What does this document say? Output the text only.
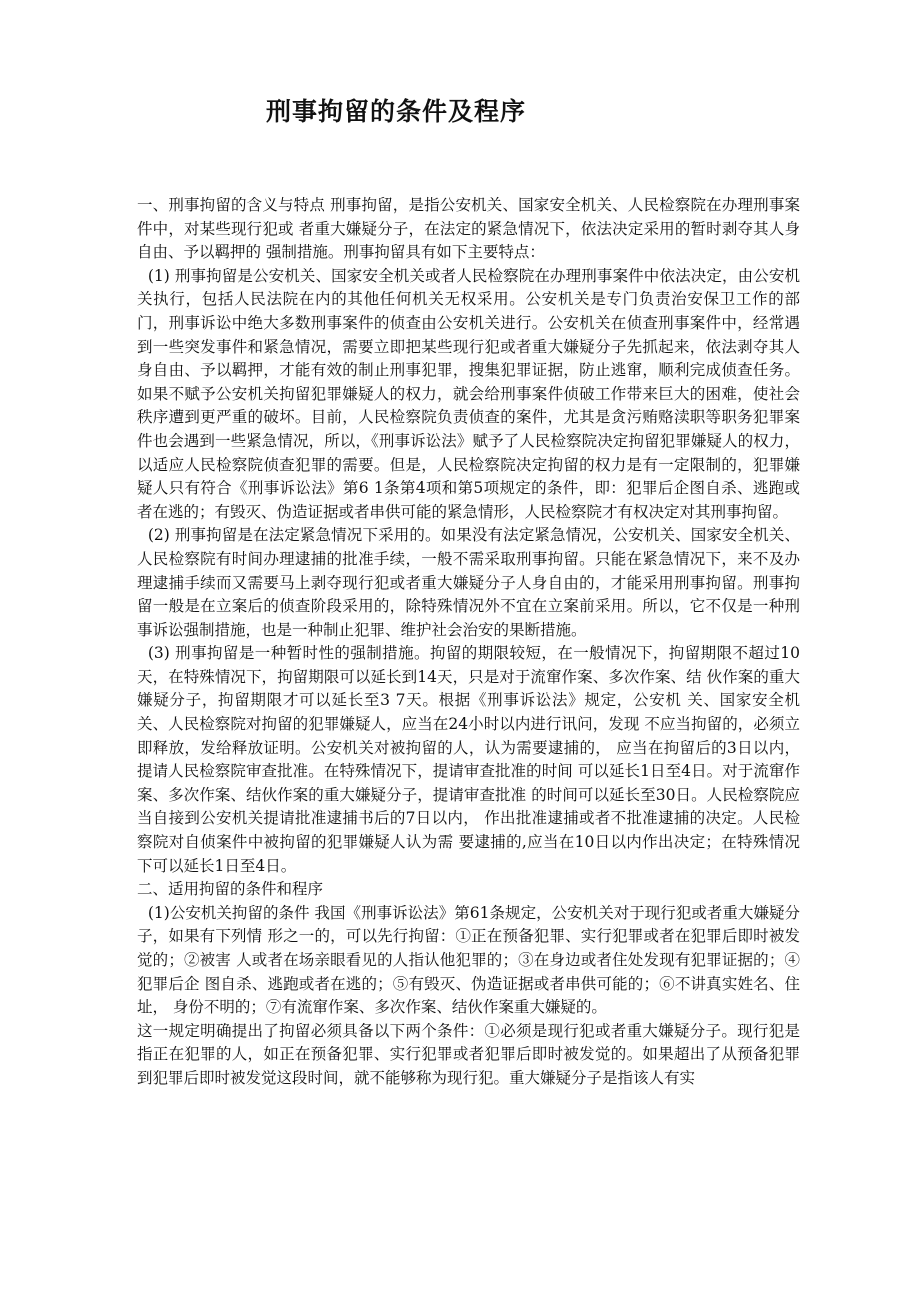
刑事拘留的条件及程序

一、刑事拘留的含义与特点 刑事拘留，是指公安机关、国家安全机关、人民检察院在办理刑事案件中，对某些现行犯或 者重大嫌疑分子，在法定的紧急情况下，依法决定采用的暂时剥夺其人身自由、予以羁押的 强制措施。刑事拘留具有如下主要特点：

(1) 刑事拘留是公安机关、国家安全机关或者人民检察院在办理刑事案件中依法决定，由公安机关执行，包括人民法院在内的其他任何机关无权采用。公安机关是专门负责治安保卫工作的部门，刑事诉讼中绝大多数刑事案件的侦查由公安机关进行。公安机关在侦查刑事案件中，经常遇到一些突发事件和紧急情况，需要立即把某些现行犯或者重大嫌疑分子先抓起来，依法剥夺其人身自由、予以羁押，才能有效的制止刑事犯罪，搜集犯罪证据，防止逃窜，顺利完成侦查任务。如果不赋予公安机关拘留犯罪嫌疑人的权力，就会给刑事案件侦破工作带来巨大的困难，使社会秩序遭到更严重的破坏。目前，人民检察院负责侦查的案件，尤其是贪污贿赂渎职等职务犯罪案件也会遇到一些紧急情况，所以，《刑事诉讼法》赋予了人民检察院决定拘留犯罪嫌疑人的权力，以适应人民检察院侦查犯罪的需要。但是，人民检察院决定拘留的权力是有一定限制的，犯罪嫌疑人只有符合《刑事诉讼法》第6 1条第4项和第5项规定的条件，即：犯罪后企图自杀、逃跑或者在逃的；有毁灭、伪造证据或者串供可能的紧急情形，人民检察院才有权决定对其刑事拘留。

(2) 刑事拘留是在法定紧急情况下采用的。如果没有法定紧急情况，公安机关、国家安全机关、人民检察院有时间办理逮捕的批准手续，一般不需采取刑事拘留。只能在紧急情况下，来不及办理逮捕手续而又需要马上剥夺现行犯或者重大嫌疑分子人身自由的，才能采用刑事拘留。刑事拘留一般是在立案后的侦查阶段采用的，除特殊情况外不宜在立案前采用。所以，它不仅是一种刑事诉讼强制措施，也是一种制止犯罪、维护社会治安的果断措施。

(3) 刑事拘留是一种暂时性的强制措施。拘留的期限较短，在一般情况下，拘留期限不超过10天，在特殊情况下，拘留期限可以延长到14天，只是对于流窜作案、多次作案、结 伙作案的重大嫌疑分子，拘留期限才可以延长至3 7天。根据《刑事诉讼法》规定，公安机 关、国家安全机关、人民检察院对拘留的犯罪嫌疑人，应当在24小时以内进行讯问，发现 不应当拘留的，必须立即释放，发给释放证明。公安机关对被拘留的人，认为需要逮捕的， 应当在拘留后的3日以内，提请人民检察院审查批准。在特殊情况下，提请审查批准的时间 可以延长1日至4日。对于流窜作案、多次作案、结伙作案的重大嫌疑分子，提请审查批准 的时间可以延长至30日。人民检察院应当自接到公安机关提请批准逮捕书后的7日以内， 作出批准逮捕或者不批准逮捕的决定。人民检察院对自侦案件中被拘留的犯罪嫌疑人认为需 要逮捕的,应当在10日以内作出决定；在特殊情况下可以延长1日至4日。

二、适用拘留的条件和程序

(1)公安机关拘留的条件 我国《刑事诉讼法》第61条规定，公安机关对于现行犯或者重大嫌疑分子，如果有下列情 形之一的，可以先行拘留：①正在预备犯罪、实行犯罪或者在犯罪后即时被发觉的；②被害 人或者在场亲眼看见的人指认他犯罪的；③在身边或者住处发现有犯罪证据的；④犯罪后企 图自杀、逃跑或者在逃的；⑤有毁灭、伪造证据或者串供可能的；⑥不讲真实姓名、住址， 身份不明的；⑦有流窜作案、多次作案、结伙作案重大嫌疑的。

这一规定明确提出了拘留必须具备以下两个条件：①必须是现行犯或者重大嫌疑分子。现行犯是指正在犯罪的人，如正在预备犯罪、实行犯罪或者犯罪后即时被发觉的。如果超出了从预备犯罪到犯罪后即时被发觉这段时间，就不能够称为现行犯。重大嫌疑分子是指该人有实
